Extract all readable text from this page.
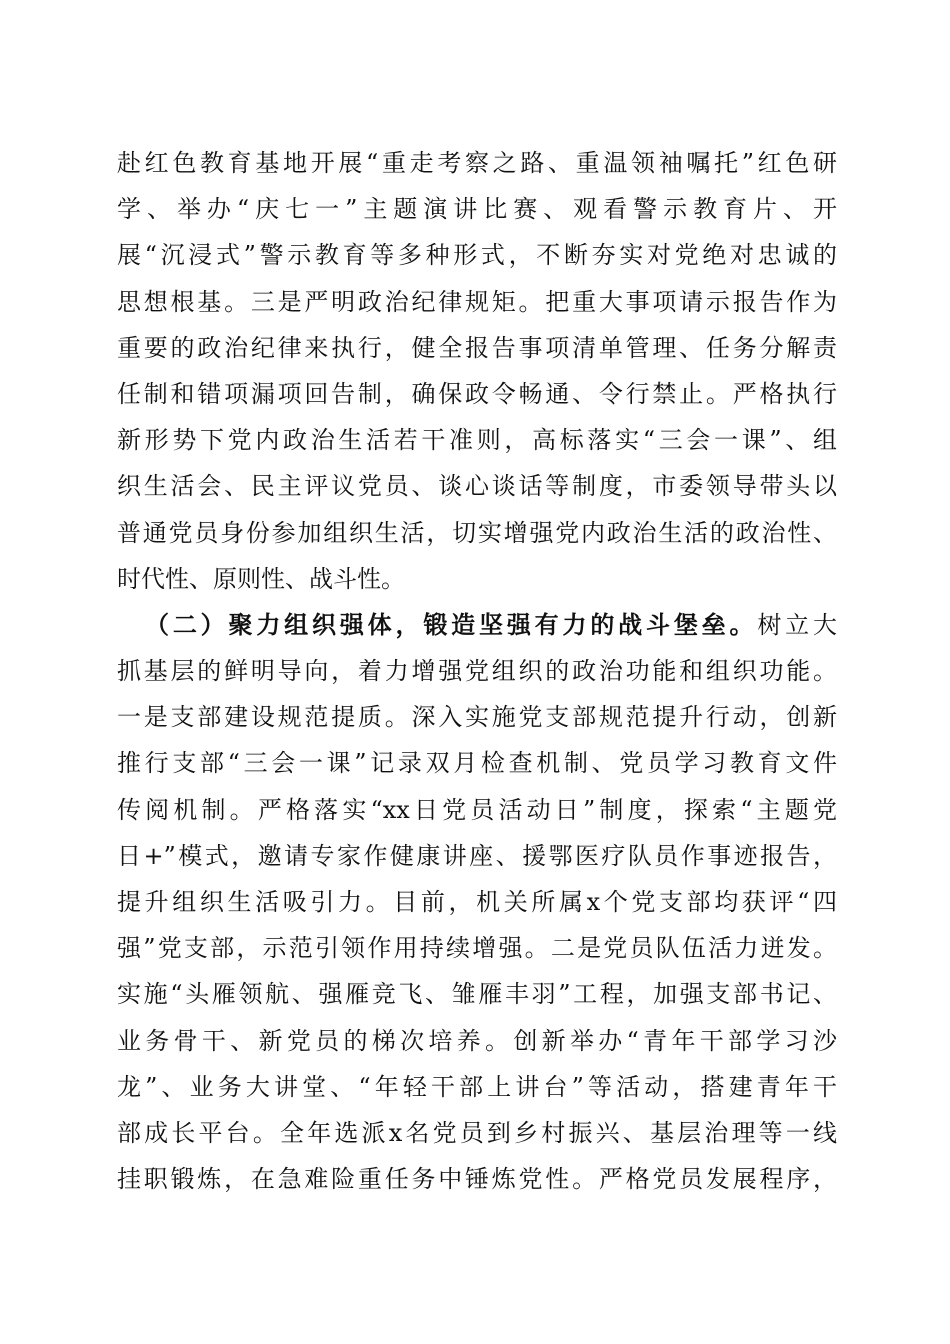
赴红色教育基地开展“重走考察之路、重温领袖嘱托”红色研
学、举办“庆七一”主题演讲比赛、观看警示教育片、开
展“沉浸式”警示教育等多种形式，不断夯实对党绝对忠诚的
思想根基。三是严明政治纪律规矩。把重大事项请示报告作为
重要的政治纪律来执行，健全报告事项清单管理、任务分解责
任制和错项漏项回告制，确保政令畅通、令行禁止。严格执行
新形势下党内政治生活若干准则，高标落实“三会一课”、组
织生活会、民主评议党员、谈心谈话等制度，市委领导带头以
普通党员身份参加组织生活，切实增强党内政治生活的政治性、
时代性、原则性、战斗性。
（二）聚力组织强体，锻造坚强有力的战斗堡垒。树立大
抓基层的鲜明导向，着力增强党组织的政治功能和组织功能。
一是支部建设规范提质。深入实施党支部规范提升行动，创新
推行支部“三会一课”记录双月检查机制、党员学习教育文件
传阅机制。严格落实“xx日党员活动日”制度，探索“主题党
日+”模式，邀请专家作健康讲座、援鄂医疗队员作事迹报告，
提升组织生活吸引力。目前，机关所属x个党支部均获评“四
强”党支部，示范引领作用持续增强。二是党员队伍活力迸发。
实施“头雁领航、强雁竞飞、雏雁丰羽”工程，加强支部书记、
业务骨干、新党员的梯次培养。创新举办“青年干部学习沙
龙”、业务大讲堂、“年轻干部上讲台”等活动，搭建青年干
部成长平台。全年选派x名党员到乡村振兴、基层治理等一线
挂职锻炼，在急难险重任务中锤炼党性。严格党员发展程序，
